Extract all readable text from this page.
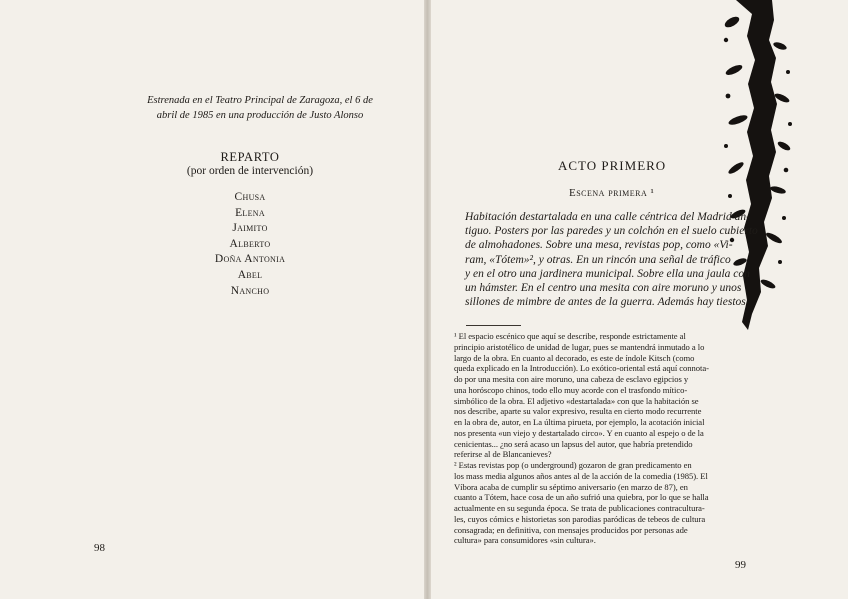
Estrenada en el Teatro Principal de Zaragoza, el 6 de
abril de 1985 en una producción de Justo Alonso
REPARTO
(por orden de intervención)
Chusa
Elena
Jaimito
Alberto
Doña Antonia
Abel
Nancho
98
ACTO PRIMERO
Escena primera ¹
Habitación destartalada en una calle céntrica del Madrid an-
tiguo. Posters por las paredes y un colchón en el suelo cubierto
de almohadones. Sobre una mesa, revistas pop, como «Vi-
ram, «Tótem»², y otras. En un rincón una señal de tráfico
y en el otro una jardinera municipal. Sobre ella una jaula con
un hámster. En el centro una mesita con aire moruno y unos
sillones de mimbre de antes de la guerra. Además hay tiestos
¹ El espacio escénico que aquí se describe, responde estrictamente al
principio aristotélico de unidad de lugar, pues se mantendrá inmutado a lo
largo de la obra. En cuanto al decorado, es este de índole Kitsch (como
queda explicado en la Introducción). Lo exótico-oriental está aquí connota-
do por una mesita con aire moruno, una cabeza de esclavo egipcios y
una horóscopo chinos, todo ello muy acorde con el trasfondo mítico-
simbólico de la obra. El adjetivo «destartalada» con que la habitación se
nos describe, aparte su valor expresivo, resulta en cierto modo recurrente
en la obra de, autor, en La última pirueta, por ejemplo, la acotación inicial
nos presenta «un viejo y destartalado circo». Y en cuanto al espejo o de la
cenicientas... ¿no será acaso un lapsus del autor, que habría pretendido
referirse al de Blancanieves?
² Estas revistas pop (o underground) gozaron de gran predicamento en
los mass media algunos años antes al de la acción de la comedia (1985). El
Víbora acaba de cumplir su séptimo aniversario (en marzo de 87), en
cuanto a Tótem, hace cosa de un año sufrió una quiebra, por lo que se halla
actualmente en su segunda época. Se trata de publicaciones contraculturа-
les, cuyos cómics e historietas son parodias paródicas de tebeos de cultura
consagrada; en definitiva, con mensajes producidos por personas ade
cultura» para consumidores «sin cultura».
99
